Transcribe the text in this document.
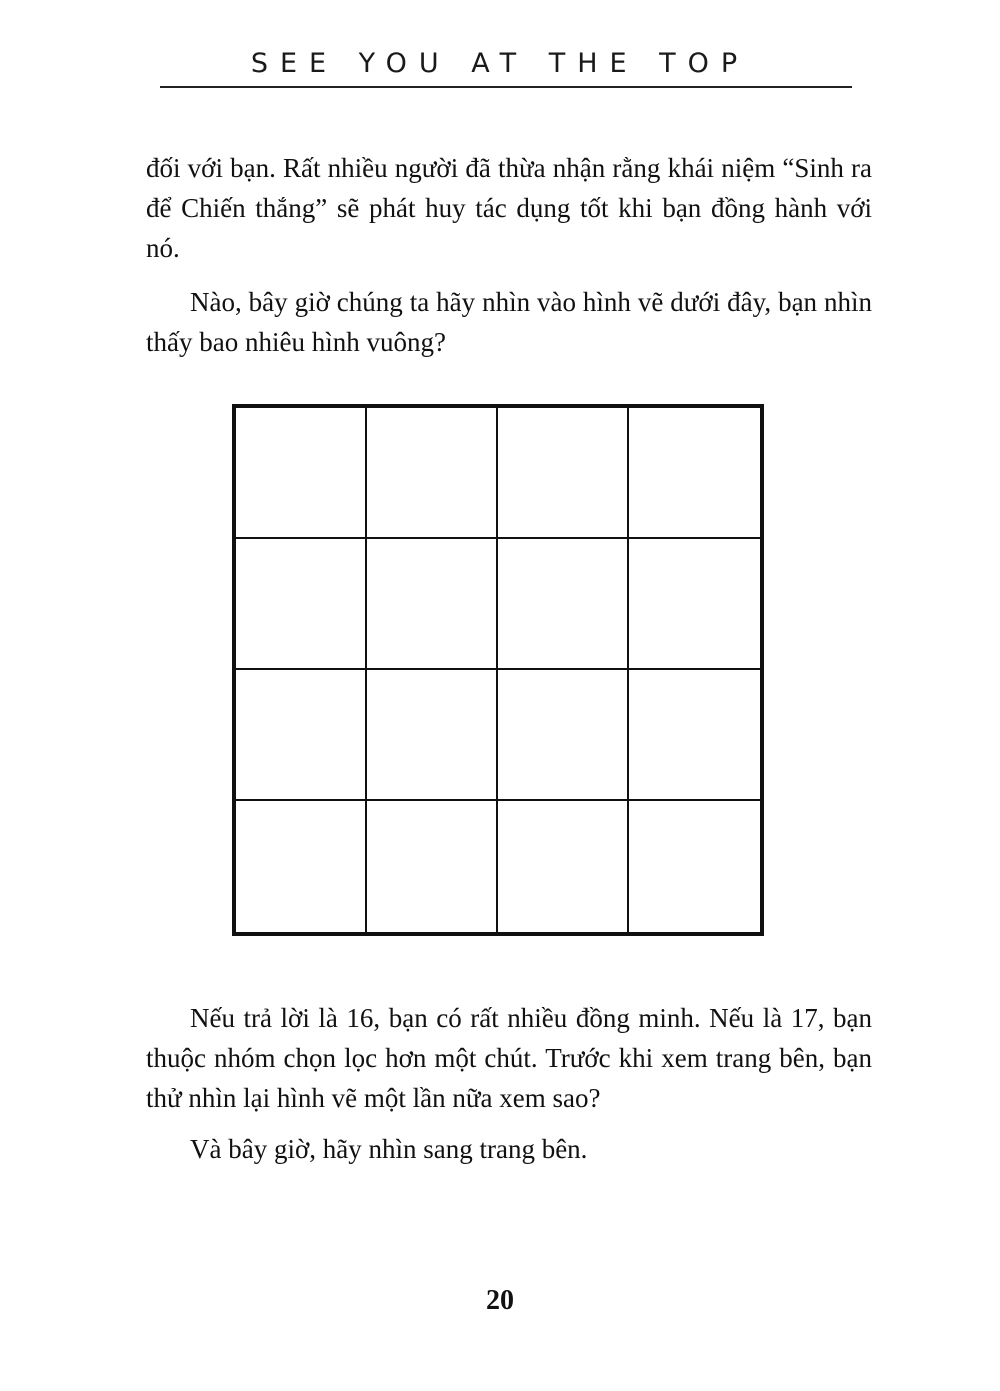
SEE YOU AT THE TOP

đối với bạn. Rất nhiều người đã thừa nhận rằng khái niệm “Sinh ra để Chiến thắng” sẽ phát huy tác dụng tốt khi bạn đồng hành với nó.

Nào, bây giờ chúng ta hãy nhìn vào hình vẽ dưới đây, bạn nhìn thấy bao nhiêu hình vuông?

Nếu trả lời là 16, bạn có rất nhiều đồng minh. Nếu là 17, bạn thuộc nhóm chọn lọc hơn một chút. Trước khi xem trang bên, bạn thử nhìn lại hình vẽ một lần nữa xem sao?

Và bây giờ, hãy nhìn sang trang bên.

20
